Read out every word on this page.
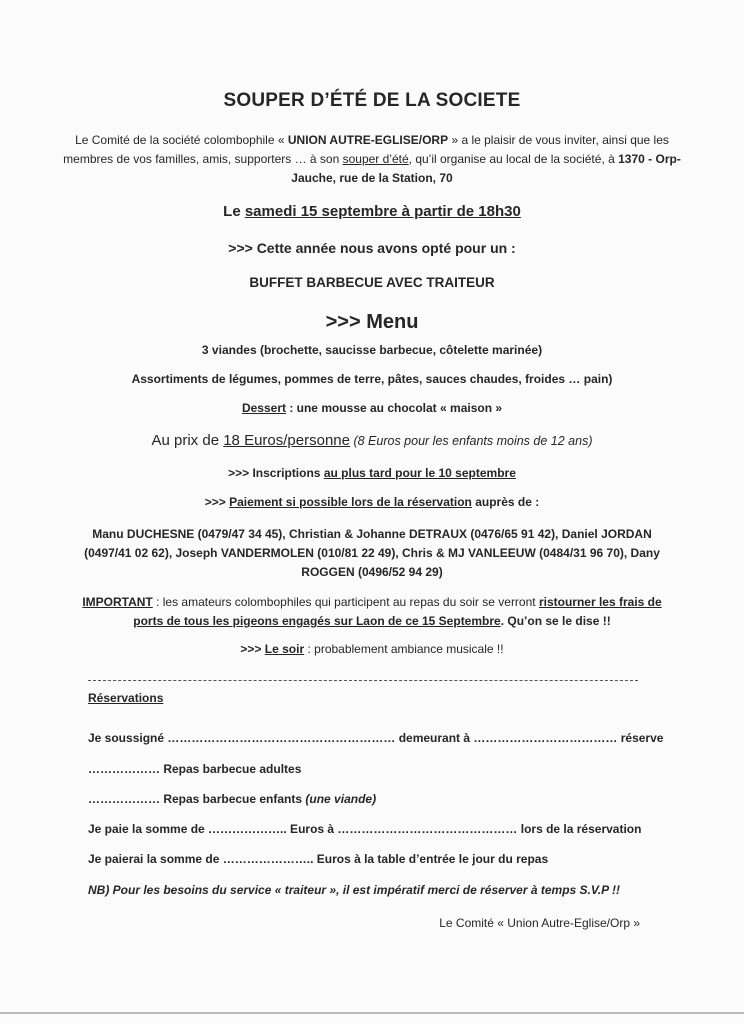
SOUPER D’ÉTÉ DE LA SOCIETE
Le Comité de la société colombophile « UNION AUTRE-EGLISE/ORP » a le plaisir de vous inviter, ainsi que les membres de vos familles, amis, supporters … à son souper d’été, qu’il organise au local de la société, à 1370 - Orp-Jauche, rue de la Station, 70
Le samedi 15 septembre à partir de 18h30
>>> Cette année nous avons opté pour un :
BUFFET BARBECUE AVEC TRAITEUR
>>> Menu
3 viandes (brochette, saucisse barbecue, côtelette marinée)
Assortiments de légumes, pommes de terre, pâtes, sauces chaudes, froides … pain)
Dessert : une mousse au chocolat « maison »
Au prix de 18 Euros/personne (8 Euros pour les enfants moins de 12 ans)
>>> Inscriptions au plus tard pour le 10 septembre
>>> Paiement si possible lors de la réservation auprès de :
Manu DUCHESNE (0479/47 34 45), Christian & Johanne DETRAUX (0476/65 91 42), Daniel JORDAN (0497/41 02 62), Joseph VANDERMOLEN (010/81 22 49), Chris & MJ VANLEEUW (0484/31 96 70), Dany ROGGEN (0496/52 94 29)
IMPORTANT : les amateurs colombophiles qui participent au repas du soir se verront ristourner les frais de ports de tous les pigeons engagés sur Laon de ce 15 Septembre. Qu’on se le dise !!
>>> Le soir : probablement ambiance musicale !!
Réservations
Je soussigné ………………………………………………… demeurant à ……………………………… réserve
……………… Repas barbecue adultes
……………… Repas barbecue enfants (une viande)
Je paie la somme de ……………….. Euros à ……………………………………… lors de la réservation
Je paierai la somme de ………………….. Euros à la table d’entrée le jour du repas
NB) Pour les besoins du service « traiteur », il est impératif merci de réserver à temps S.V.P !!
Le Comité « Union Autre-Eglise/Orp »
